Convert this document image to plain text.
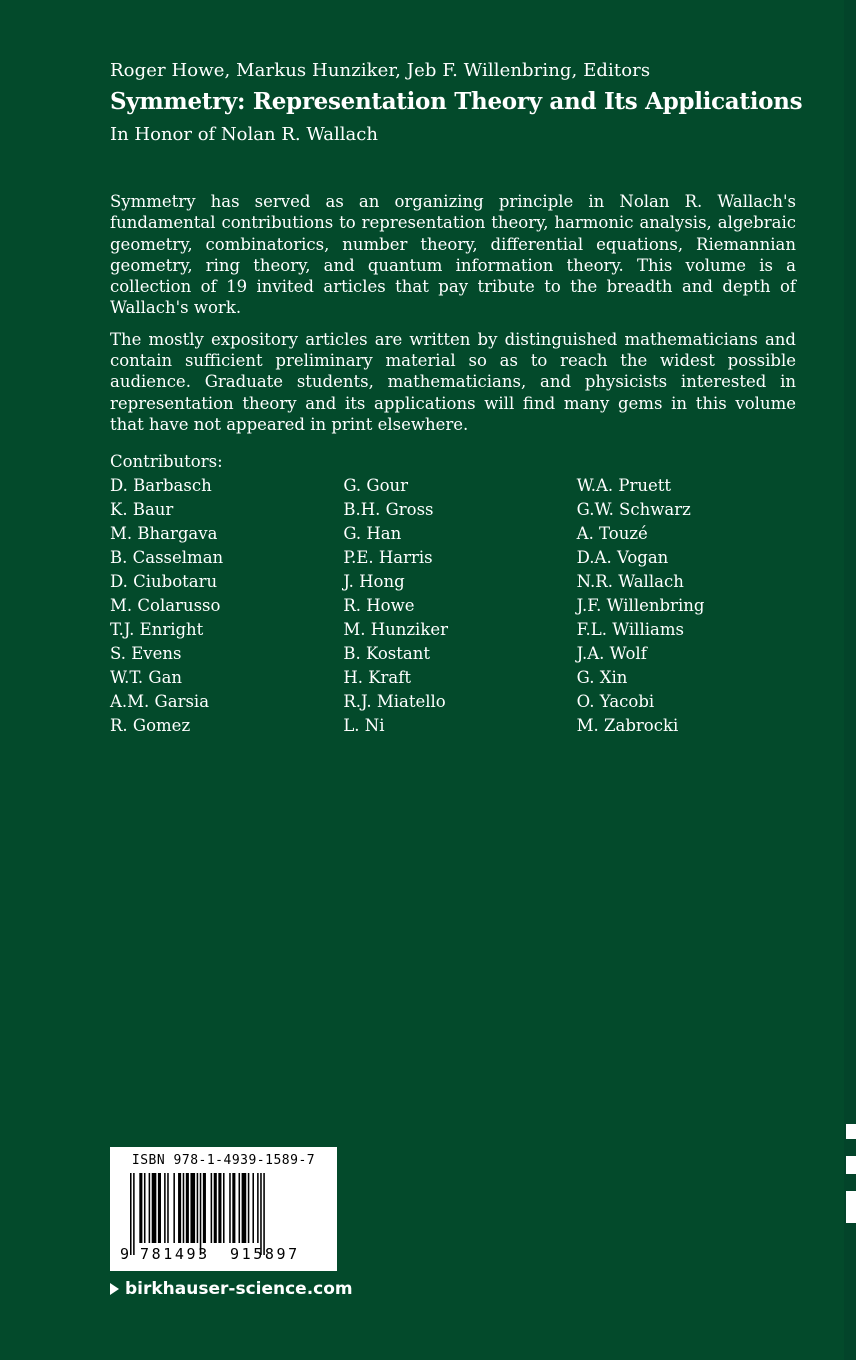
Roger Howe, Markus Hunziker, Jeb F. Willenbring, Editors
Symmetry: Representation Theory and Its Applications
In Honor of Nolan R. Wallach

Symmetry has served as an organizing principle in Nolan R. Wallach's fundamental contributions to representation theory, harmonic analysis, algebraic geometry, combinatorics, number theory, differential equations, Riemannian geometry, ring theory, and quantum information theory. This volume is a collection of 19 invited articles that pay tribute to the breadth and depth of Wallach's work.

The mostly expository articles are written by distinguished mathematicians and contain sufficient preliminary material so as to reach the widest possible audience. Graduate students, mathematicians, and physicists interested in representation theory and its applications will find many gems in this volume that have not appeared in print elsewhere.

Contributors:
D. Barbasch
K. Baur
M. Bhargava
B. Casselman
D. Ciubotaru
M. Colarusso
T.J. Enright
S. Evens
W.T. Gan
A.M. Garsia
R. Gomez
G. Gour
B.H. Gross
G. Han
P.E. Harris
J. Hong
R. Howe
M. Hunziker
B. Kostant
H. Kraft
R.J. Miatello
L. Ni
W.A. Pruett
G.W. Schwarz
A. Touzé
D.A. Vogan
N.R. Wallach
J.F. Willenbring
F.L. Williams
J.A. Wolf
G. Xin
O. Yacobi
M. Zabrocki
ISBN 978-1-4939-1589-7
9 781493 915897
birkhauser-science.com
